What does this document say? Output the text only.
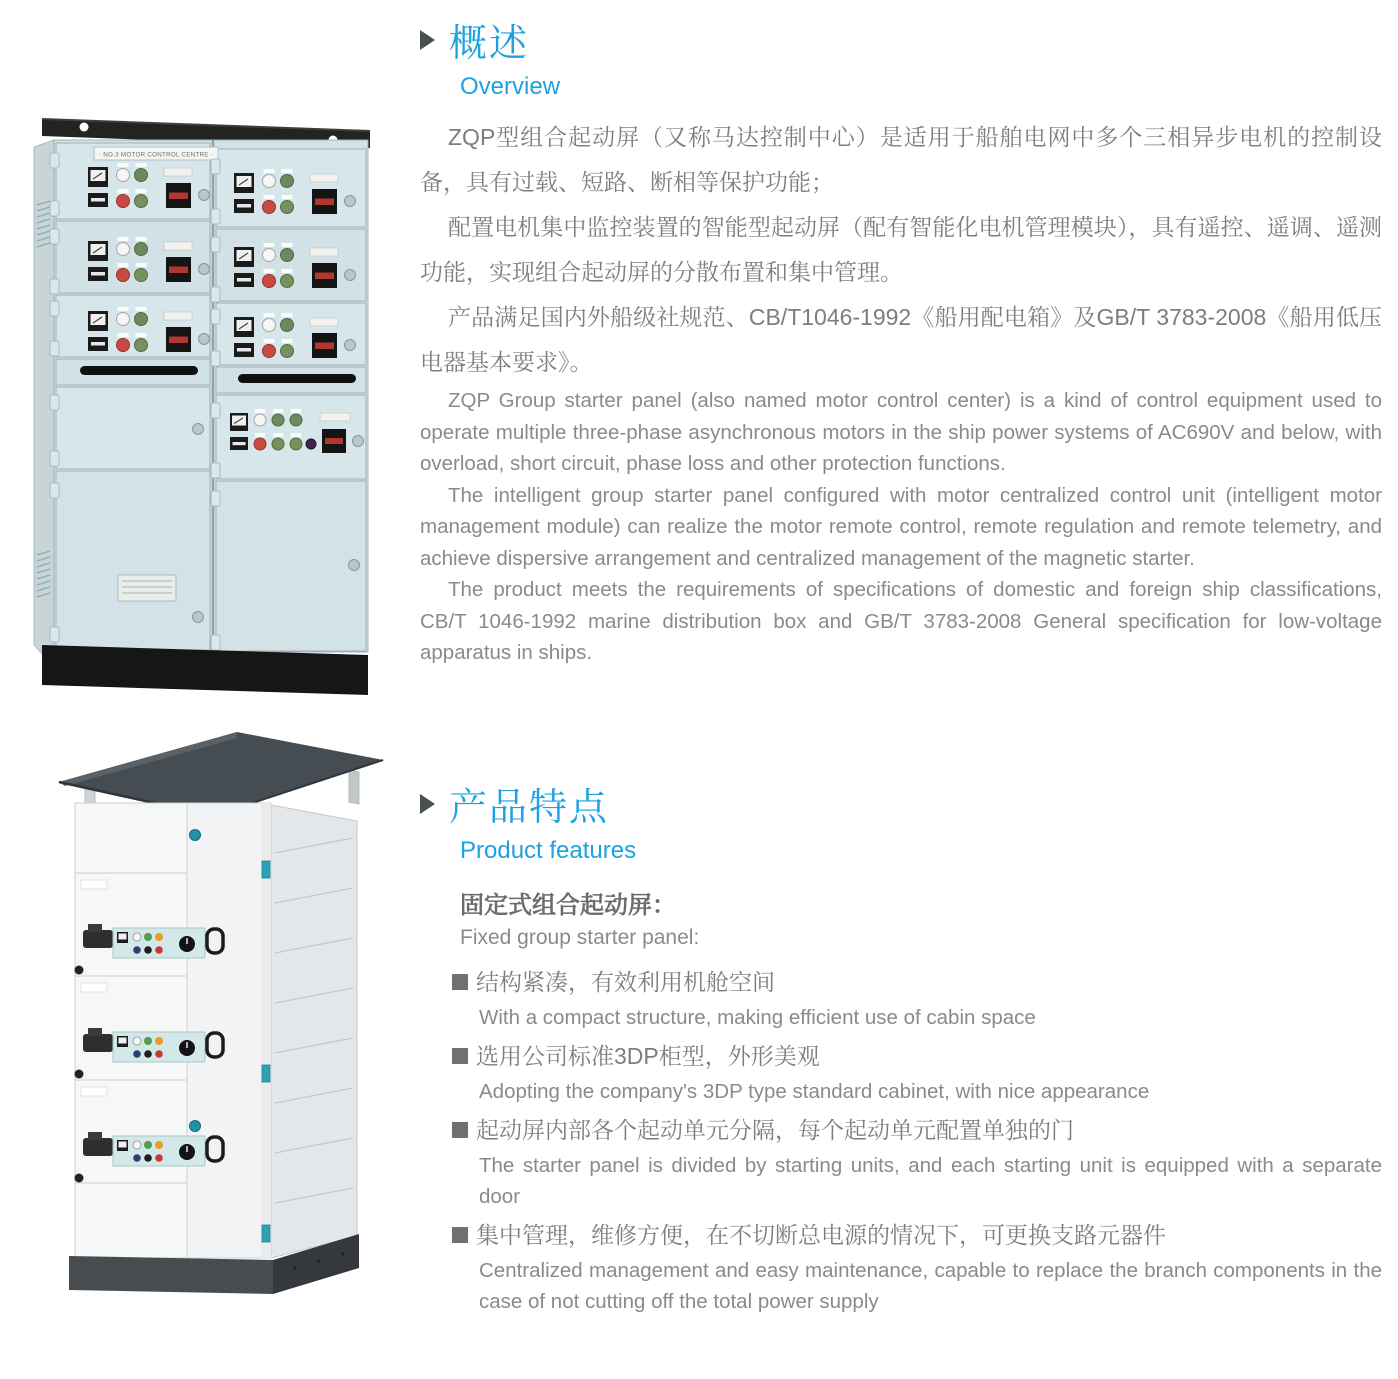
· NO.3 MOTOR CONTROL CENTRE ·
概述
Overview

ZQP型组合起动屏（又称马达控制中心）是适用于船舶电网中多个三相异步电机的控制设备，具有过载、短路、断相等保护功能；

配置电机集中监控装置的智能型起动屏（配有智能化电机管理模块），具有遥控、遥调、遥测功能，实现组合起动屏的分散布置和集中管理。

产品满足国内外船级社规范、CB/T1046-1992《船用配电箱》及GB/T 3783-2008《船用低压电器基本要求》。

ZQP Group starter panel (also named motor control center) is a kind of control equipment used to operate multiple three-phase asynchronous motors in the ship power systems of AC690V and below, with overload, short circuit, phase loss and other protection functions.

The intelligent group starter panel configured with motor centralized control unit (intelligent motor management module) can realize the motor remote control, remote regulation and remote telemetry, and achieve dispersive arrangement and centralized management of the magnetic starter.

The product meets the requirements of specifications of domestic and foreign ship classifications, CB/T 1046-1992 marine distribution box and GB/T 3783-2008 General specification for low-voltage apparatus in ships.

产品特点
Product features
固定式组合起动屏：
Fixed group starter panel:
结构紧凑，有效利用机舱空间
With a compact structure, making efficient use of cabin space
选用公司标准3DP柜型，外形美观
Adopting the company's 3DP type standard cabinet, with nice appearance
起动屏内部各个起动单元分隔，每个起动单元配置单独的门
The starter panel is divided by starting units, and each starting unit is equipped with a separate door
集中管理，维修方便，在不切断总电源的情况下，可更换支路元器件
Centralized management and easy maintenance, capable to replace the branch components in the case of not cutting off the total power supply
